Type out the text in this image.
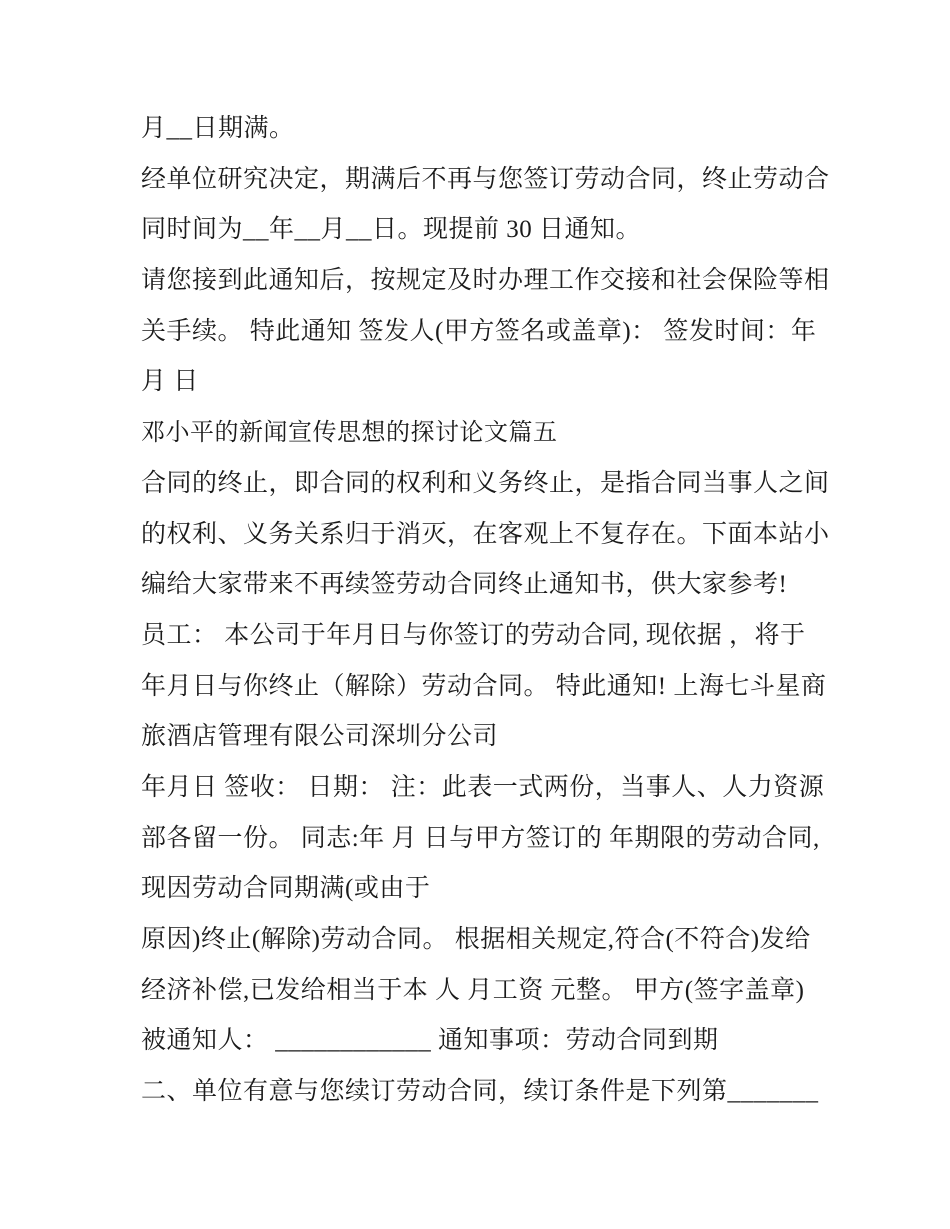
月__日期满。
经单位研究决定，期满后不再与您签订劳动合同，终止劳动合
同时间为__年__月__日。现提前 30 日通知。
请您接到此通知后，按规定及时办理工作交接和社会保险等相
关手续。 特此通知 签发人(甲方签名或盖章)： 签发时间：年
月 日
邓小平的新闻宣传思想的探讨论文篇五
合同的终止，即合同的权利和义务终止，是指合同当事人之间
的权利、义务关系归于消灭，在客观上不复存在。下面本站小
编给大家带来不再续签劳动合同终止通知书，供大家参考!
员工： 本公司于年月日与你签订的劳动合同, 现依据 ，将于
年月日与你终止（解除）劳动合同。 特此通知! 上海七斗星商
旅酒店管理有限公司深圳分公司
年月日 签收： 日期： 注：此表一式两份，当事人、人力资源
部各留一份。 同志:年 月 日与甲方签订的 年期限的劳动合同,
现因劳动合同期满(或由于
原因)终止(解除)劳动合同。 根据相关规定,符合(不符合)发给
经济补偿,已发给相当于本 人 月工资 元整。 甲方(签字盖章)
被通知人： ____________ 通知事项：劳动合同到期
二、单位有意与您续订劳动合同，续订条件是下列第_______
